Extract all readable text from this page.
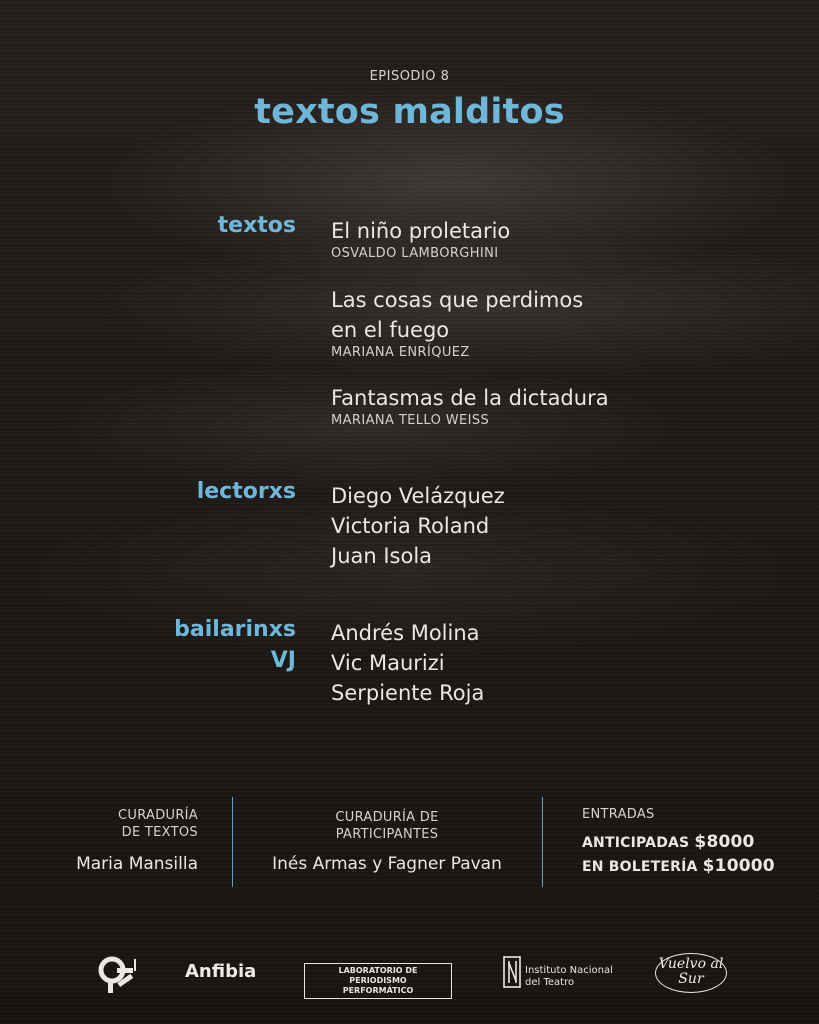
EPISODIO 8
textos malditos
textos El niño proletario
OSVALDO LAMBORGHINI
Las cosas que perdimos
en el fuego
MARIANA ENRÍQUEZ
Fantasmas de la dictadura
MARIANA TELLO WEISS
lectorxs Diego Velázquez
Victoria Roland
Juan Isola
bailarinxs
VJ
Andrés Molina
Vic Maurizi
Serpiente Roja
CURADURÍA
DE TEXTOS
Maria Mansilla
CURADURÍA DE
PARTICIPANTES
Inés Armas y Fagner Pavan
ENTRADAS
ANTICIPADAS $8000
EN BOLETERÍA $10000
Anfibia	LABORATORIO DE PERIODISMO
PERFORMÁTICO
Instituto Nacional
del Teatro
Vuelvo al
Sur
